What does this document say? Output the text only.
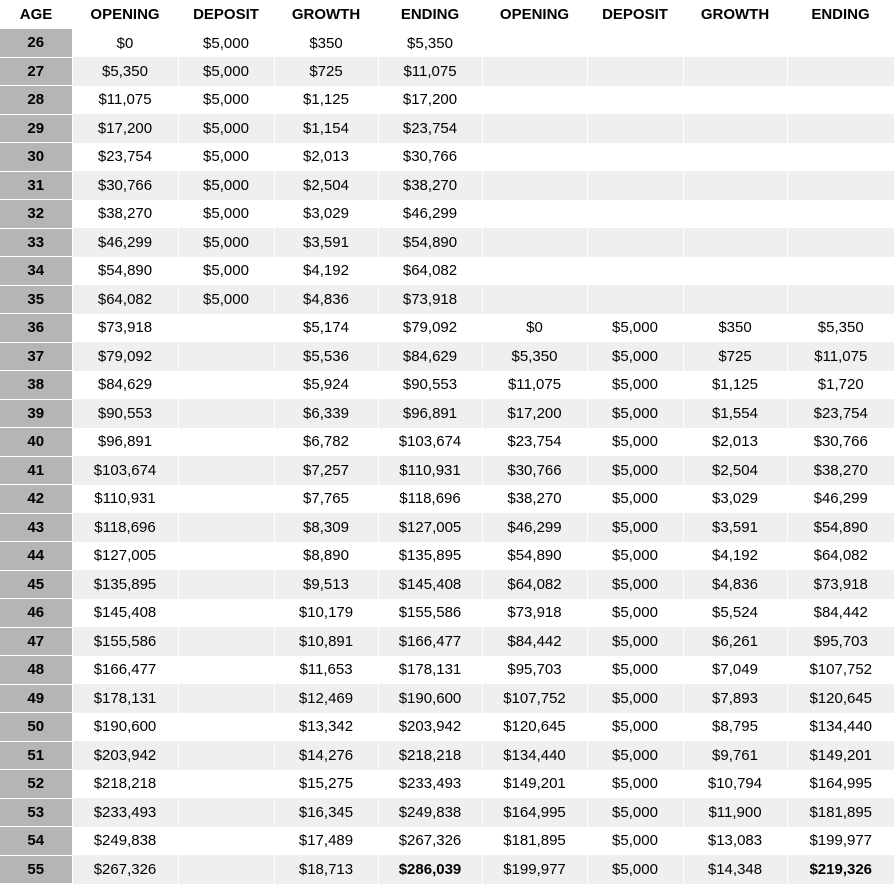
AGE	OPENING	DEPOSIT	GROWTH	ENDING	OPENING	DEPOSIT	GROWTH	ENDING
26	$0	$5,000	$350	$5,350				
27	$5,350	$5,000	$725	$11,075				
28	$11,075	$5,000	$1,125	$17,200				
29	$17,200	$5,000	$1,154	$23,754				
30	$23,754	$5,000	$2,013	$30,766				
31	$30,766	$5,000	$2,504	$38,270				
32	$38,270	$5,000	$3,029	$46,299				
33	$46,299	$5,000	$3,591	$54,890				
34	$54,890	$5,000	$4,192	$64,082				
35	$64,082	$5,000	$4,836	$73,918				
36	$73,918		$5,174	$79,092	$0	$5,000	$350	$5,350
37	$79,092		$5,536	$84,629	$5,350	$5,000	$725	$11,075
38	$84,629		$5,924	$90,553	$11,075	$5,000	$1,125	$1,720
39	$90,553		$6,339	$96,891	$17,200	$5,000	$1,554	$23,754
40	$96,891		$6,782	$103,674	$23,754	$5,000	$2,013	$30,766
41	$103,674		$7,257	$110,931	$30,766	$5,000	$2,504	$38,270
42	$110,931		$7,765	$118,696	$38,270	$5,000	$3,029	$46,299
43	$118,696		$8,309	$127,005	$46,299	$5,000	$3,591	$54,890
44	$127,005		$8,890	$135,895	$54,890	$5,000	$4,192	$64,082
45	$135,895		$9,513	$145,408	$64,082	$5,000	$4,836	$73,918
46	$145,408		$10,179	$155,586	$73,918	$5,000	$5,524	$84,442
47	$155,586		$10,891	$166,477	$84,442	$5,000	$6,261	$95,703
48	$166,477		$11,653	$178,131	$95,703	$5,000	$7,049	$107,752
49	$178,131		$12,469	$190,600	$107,752	$5,000	$7,893	$120,645
50	$190,600		$13,342	$203,942	$120,645	$5,000	$8,795	$134,440
51	$203,942		$14,276	$218,218	$134,440	$5,000	$9,761	$149,201
52	$218,218		$15,275	$233,493	$149,201	$5,000	$10,794	$164,995
53	$233,493		$16,345	$249,838	$164,995	$5,000	$11,900	$181,895
54	$249,838		$17,489	$267,326	$181,895	$5,000	$13,083	$199,977
55	$267,326		$18,713	$286,039	$199,977	$5,000	$14,348	$219,326
